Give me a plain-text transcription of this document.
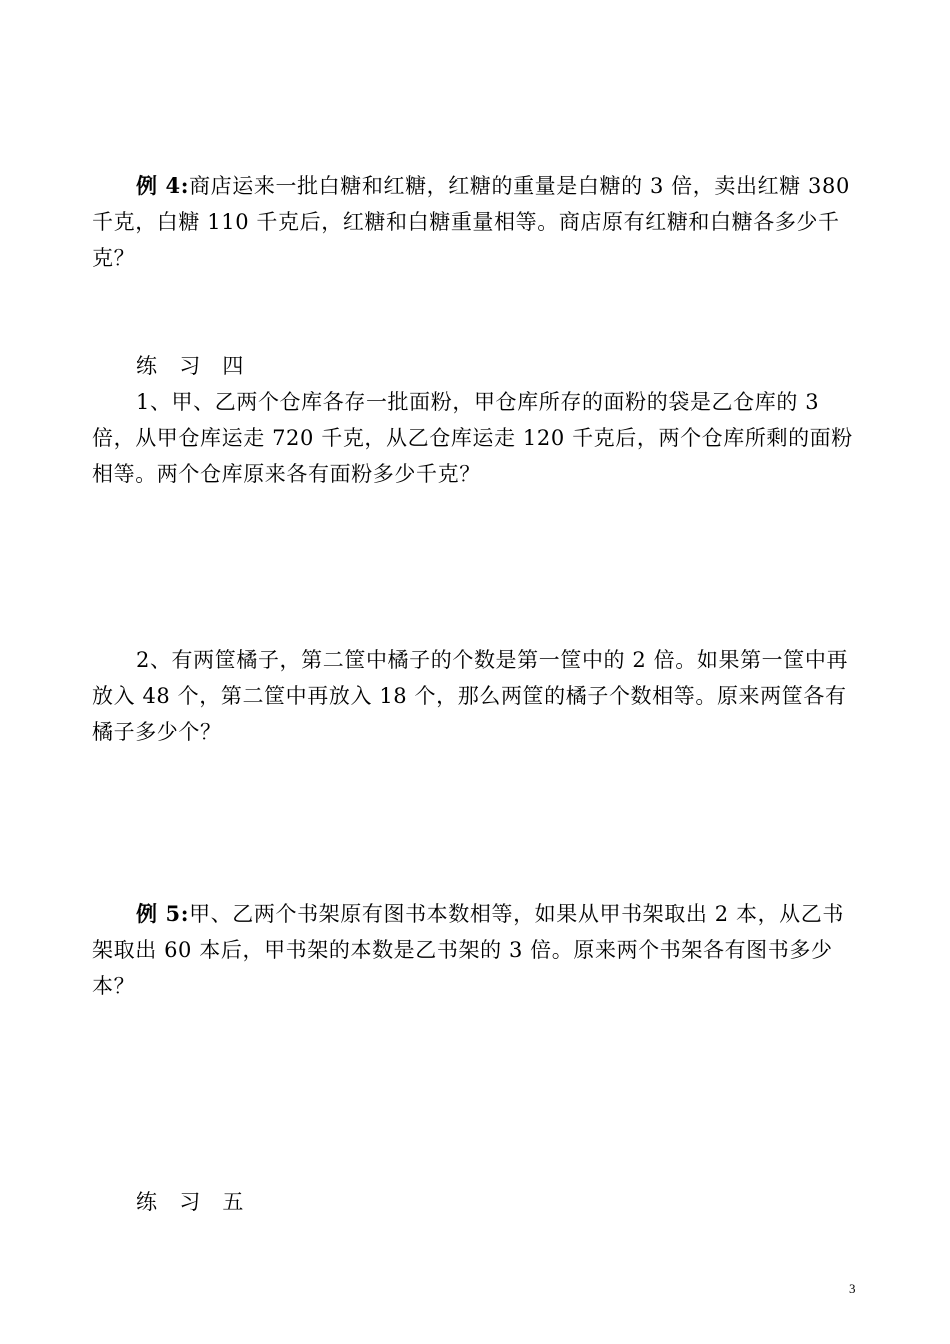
例 4:商店运来一批白糖和红糖，红糖的重量是白糖的 3 倍，卖出红糖 380 千克，白糖 110 千克后，红糖和白糖重量相等。商店原有红糖和白糖各多少千克？

练　习　四

1、甲、乙两个仓库各存一批面粉，甲仓库所存的面粉的袋是乙仓库的 3 倍，从甲仓库运走 720 千克，从乙仓库运走 120 千克后，两个仓库所剩的面粉相等。两个仓库原来各有面粉多少千克？

2、有两筐橘子，第二筐中橘子的个数是第一筐中的 2 倍。如果第一筐中再放入 48 个，第二筐中再放入 18 个，那么两筐的橘子个数相等。原来两筐各有橘子多少个？

例 5:甲、乙两个书架原有图书本数相等，如果从甲书架取出 2 本，从乙书架取出 60 本后，甲书架的本数是乙书架的 3 倍。原来两个书架各有图书多少本？

练　习　五
3
